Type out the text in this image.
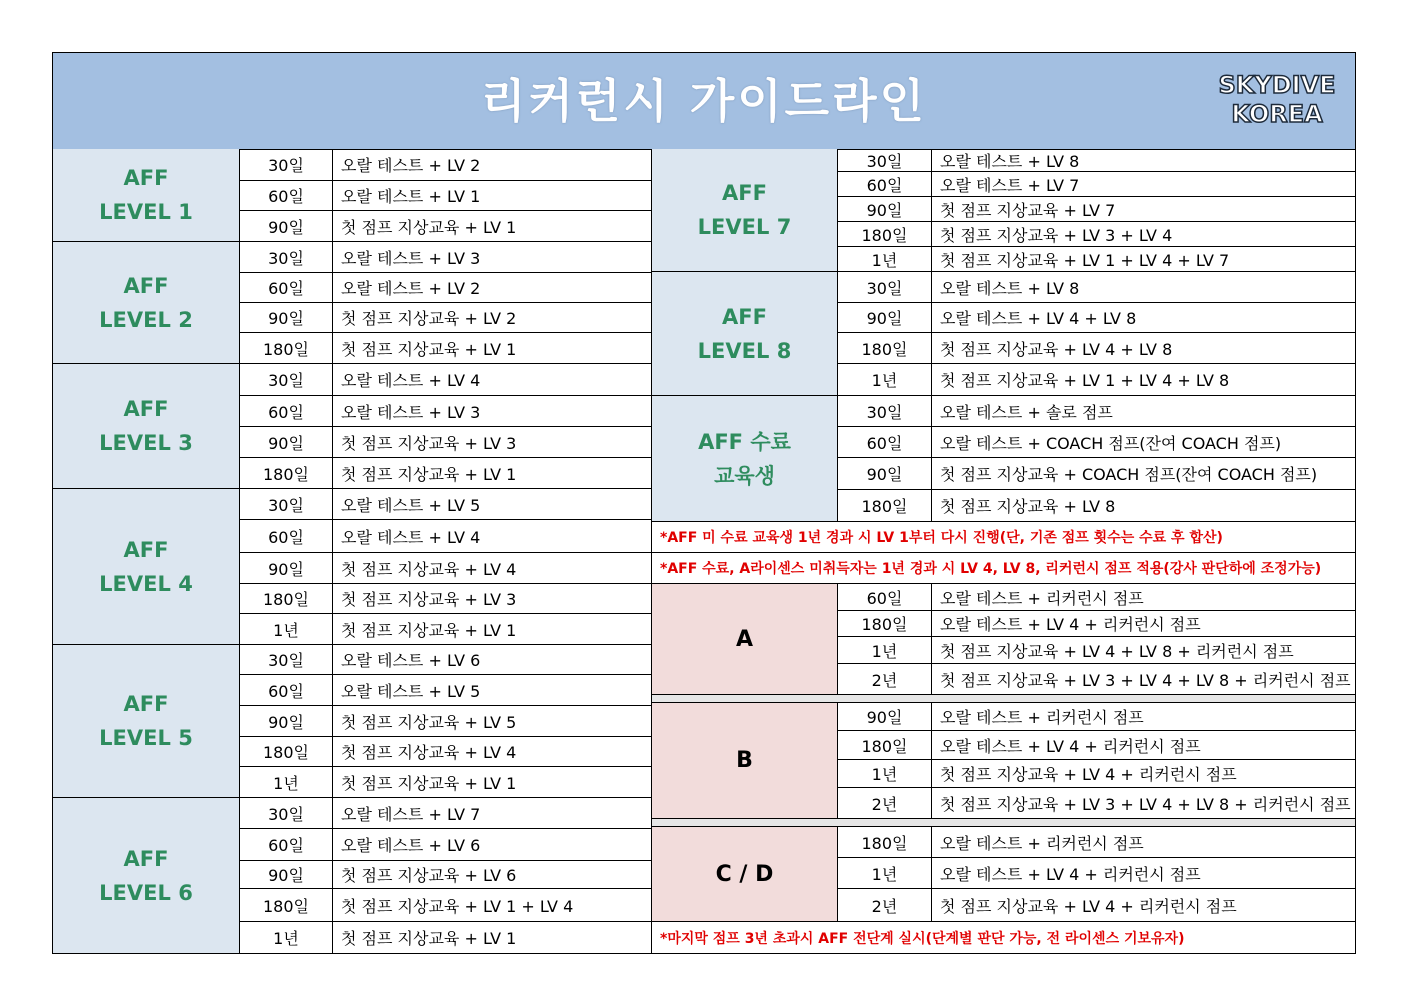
리커런시 가이드라인	SKYDIVE
KOREA
AFF
LEVEL 1
30일	오랄 테스트 + LV 2
60일	오랄 테스트 + LV 1
90일	첫 점프 지상교육 + LV 1
AFF
LEVEL 2
30일	오랄 테스트 + LV 3
60일	오랄 테스트 + LV 2
90일	첫 점프 지상교육 + LV 2
180일	첫 점프 지상교육 + LV 1
AFF
LEVEL 3
30일	오랄 테스트 + LV 4
60일	오랄 테스트 + LV 3
90일	첫 점프 지상교육 + LV 3
180일	첫 점프 지상교육 + LV 1
AFF
LEVEL 4
30일	오랄 테스트 + LV 5
60일	오랄 테스트 + LV 4
90일	첫 점프 지상교육 + LV 4
180일	첫 점프 지상교육 + LV 3
1년	첫 점프 지상교육 + LV 1
AFF
LEVEL 5
30일	오랄 테스트 + LV 6
60일	오랄 테스트 + LV 5
90일	첫 점프 지상교육 + LV 5
180일	첫 점프 지상교육 + LV 4
1년	첫 점프 지상교육 + LV 1
AFF
LEVEL 6
30일	오랄 테스트 + LV 7
60일	오랄 테스트 + LV 6
90일	첫 점프 지상교육 + LV 6
180일	첫 점프 지상교육 + LV 1 + LV 4
1년	첫 점프 지상교육 + LV 1
AFF
LEVEL 7
30일	오랄 테스트 + LV 8
60일	오랄 테스트 + LV 7
90일	첫 점프 지상교육 + LV 7
180일	첫 점프 지상교육 + LV 3 + LV 4
1년	첫 점프 지상교육 + LV 1 + LV 4 + LV 7
AFF
LEVEL 8
30일	오랄 테스트 + LV 8
90일	오랄 테스트 + LV 4 + LV 8
180일	첫 점프 지상교육 + LV 4 + LV 8
1년	첫 점프 지상교육 + LV 1 + LV 4 + LV 8
AFF 수료
교육생
30일	오랄 테스트 + 솔로 점프
60일	오랄 테스트 + COACH 점프(잔여 COACH 점프)
90일	첫 점프 지상교육 + COACH 점프(잔여 COACH 점프)
180일	첫 점프 지상교육 + LV 8
*AFF 미 수료 교육생 1년 경과 시 LV 1부터 다시 진행(단, 기존 점프 횟수는 수료 후 합산)
*AFF 수료, A라이센스 미취득자는 1년 경과 시 LV 4, LV 8, 리커런시 점프 적용(강사 판단하에 조정가능)
A
60일	오랄 테스트 + 리커런시 점프
180일	오랄 테스트 + LV 4 + 리커런시 점프
1년	첫 점프 지상교육 + LV 4 + LV 8 + 리커런시 점프
2년	첫 점프 지상교육 + LV 3 + LV 4 + LV 8 + 리커런시 점프
B
90일	오랄 테스트 + 리커런시 점프
180일	오랄 테스트 + LV 4 + 리커런시 점프
1년	첫 점프 지상교육 + LV 4 + 리커런시 점프
2년	첫 점프 지상교육 + LV 3 + LV 4 + LV 8 + 리커런시 점프
C / D
180일	오랄 테스트 + 리커런시 점프
1년	오랄 테스트 + LV 4 + 리커런시 점프
2년	첫 점프 지상교육 + LV 4 + 리커런시 점프
*마지막 점프 3년 초과시 AFF 전단계 실시(단계별 판단 가능, 전 라이센스 기보유자)
